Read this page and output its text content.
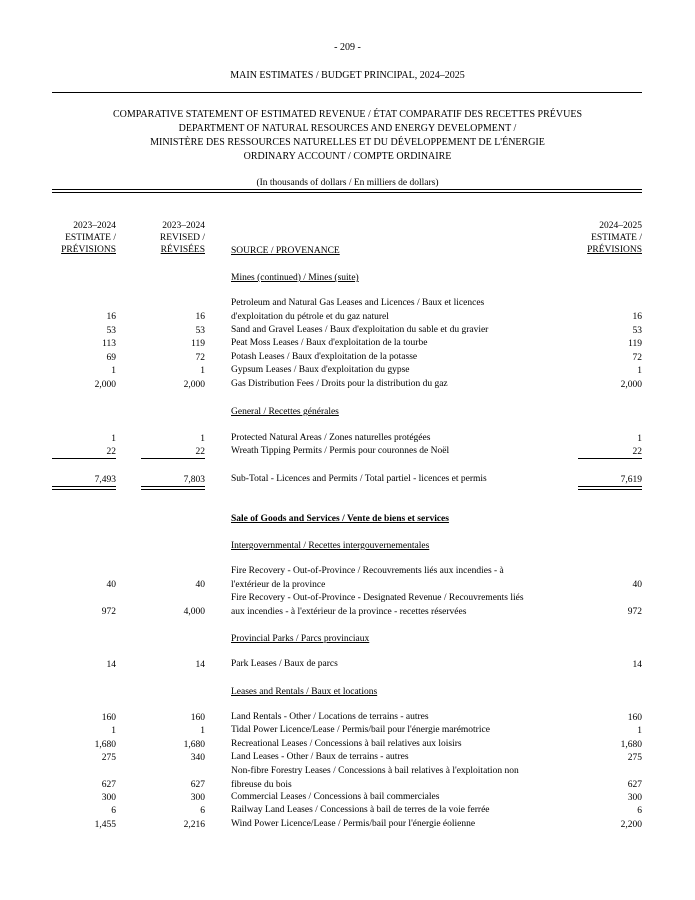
- 209 -
MAIN ESTIMATES / BUDGET PRINCIPAL, 2024–2025
COMPARATIVE STATEMENT OF ESTIMATED REVENUE / ÉTAT COMPARATIF DES RECETTES PRÉVUES
DEPARTMENT OF NATURAL RESOURCES AND ENERGY DEVELOPMENT /
MINISTÈRE DES RESSOURCES NATURELLES ET DU DÉVELOPPEMENT DE L'ÉNERGIE
ORDINARY ACCOUNT / COMPTE ORDINAIRE
(In thousands of dollars / En milliers de dollars)
2023–2024
ESTIMATE /
PRÉVISIONS
2023–2024
REVISED /
RÉVISÉES	SOURCE / PROVENANCE
2024–2025
ESTIMATE /
PRÉVISIONS
Mines (continued) / Mines (suite)
Petroleum and Natural Gas Leases and Licences / Baux et licences
d'exploitation du pétrole et du gaz naturel
16	16	16
Sand and Gravel Leases / Baux d'exploitation du sable et du gravier
53	53	53
Peat Moss Leases / Baux d'exploitation de la tourbe
113	119	119
Potash Leases / Baux d'exploitation de la potasse
69	72	72
Gypsum Leases / Baux d'exploitation du gypse
1	1	1
Gas Distribution Fees / Droits pour la distribution du gaz
2,000	2,000	2,000
General / Recettes générales
Protected Natural Areas / Zones naturelles protégées
1	1	1
Wreath Tipping Permits / Permis pour couronnes de Noël
22	22	22
Sub-Total - Licences and Permits / Total partiel - licences et permis
7,493	7,803	7,619
Sale of Goods and Services / Vente de biens et services
Intergovernmental / Recettes intergouvernementales
Fire Recovery - Out-of-Province / Recouvrements liés aux incendies - à
l'extérieur de la province
40	40	40
Fire Recovery - Out-of-Province - Designated Revenue / Recouvrements liés
aux incendies - à l'extérieur de la province - recettes réservées
972	4,000	972
Provincial Parks / Parcs provinciaux
Park Leases / Baux de parcs
14	14	14
Leases and Rentals / Baux et locations
Land Rentals - Other / Locations de terrains - autres
160	160	160
Tidal Power Licence/Lease / Permis/bail pour l'énergie marémotrice
1	1	1
Recreational Leases / Concessions à bail relatives aux loisirs
1,680	1,680	1,680
Land Leases - Other / Baux de terrains - autres
275	340	275
Non-fibre Forestry Leases / Concessions à bail relatives à l'exploitation non
fibreuse du bois
627	627	627
Commercial Leases / Concessions à bail commerciales
300	300	300
Railway Land Leases / Concessions à bail de terres de la voie ferrée
6	6	6
Wind Power Licence/Lease / Permis/bail pour l'énergie éolienne
1,455	2,216	2,200
